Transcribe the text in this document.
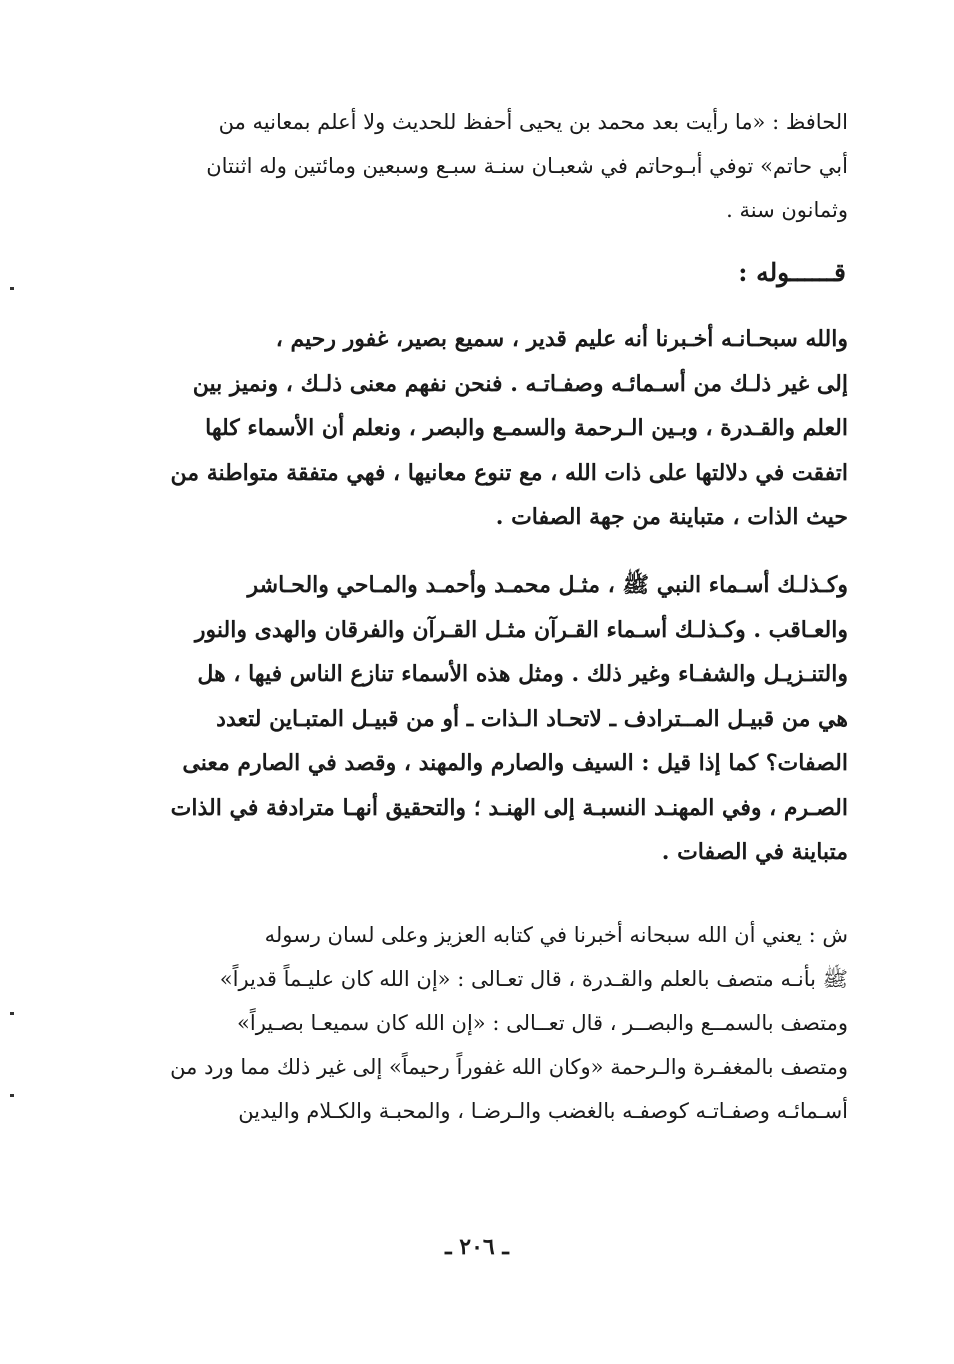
الحافظ : «ما رأيت بعد محمد بن يحيى أحفظ للحديث ولا أعلم بمعانيه من
أبي حاتم» توفي أبـوحاتم في شعبـان سنـة سبـع وسبعين ومائتين وله اثنتان
وثمانون سنة .
قــــــوله :
والله سبحـانـه أخـبرنا أنه عليم قدير ، سميع بصير، غفور رحيم ،
إلى غير ذلـك من أسـمائـه وصفـاتـه . فنحن نفهم معنى ذلـك ، ونميز بين
العلم والقـدرة ، وبـين الـرحمة والسمـع والبصر ، ونعلم أن الأسماء كلها
اتفقت في دلالتها على ذات الله ، مع تنوع معانيها ، فهي متفقة متواطنة من
حيث الذات ، متباينة من جهة الصفات .
وكـذلـك أسـماء النبي ﷺ ، مثـل محمـد وأحمـد والمـاحي والحـاشر
والعـاقب . وكـذلـك أسـماء القـرآن مثـل القـرآن والفرقان والهدى والنور
والتنـزيـل والشفـاء وغير ذلك . ومثل هذه الأسماء تنازع الناس فيها ، هل
هي من قبيـل المــترادف ـ لاتحـاد الـذات ـ أو من قبيـل المتبـاين لتعدد
الصفات؟ كما إذا قيل : السيف والصارم والمهند ، وقصد في الصارم معنى
الصـرم ، وفي المهنـد النسبـة إلى الهنـد ؛ والتحقيق أنهـا مترادفة في الذات
متباينة في الصفات .
ش : يعني أن الله سبحانه أخبرنا في كتابه العزيز وعلى لسان رسوله
ﷺ بأنـه متصف بالعلم والقـدرة ، قال تعـالى : «إن الله كان عليـماً قديراً»
ومتصف بالسمــع والبصــر ، قال تعــالى : «إن الله كان سميعـا بصـيراً»
ومتصف بالمغفـرة والـرحمة «وكان الله غفوراً رحيماً» إلى غير ذلك مما ورد من
أسـمائـه وصفـاتـه كوصفـه بالغضب والـرضـا ، والمحبـة والكـلام واليدين
ـ ٢٠٦ ـ
